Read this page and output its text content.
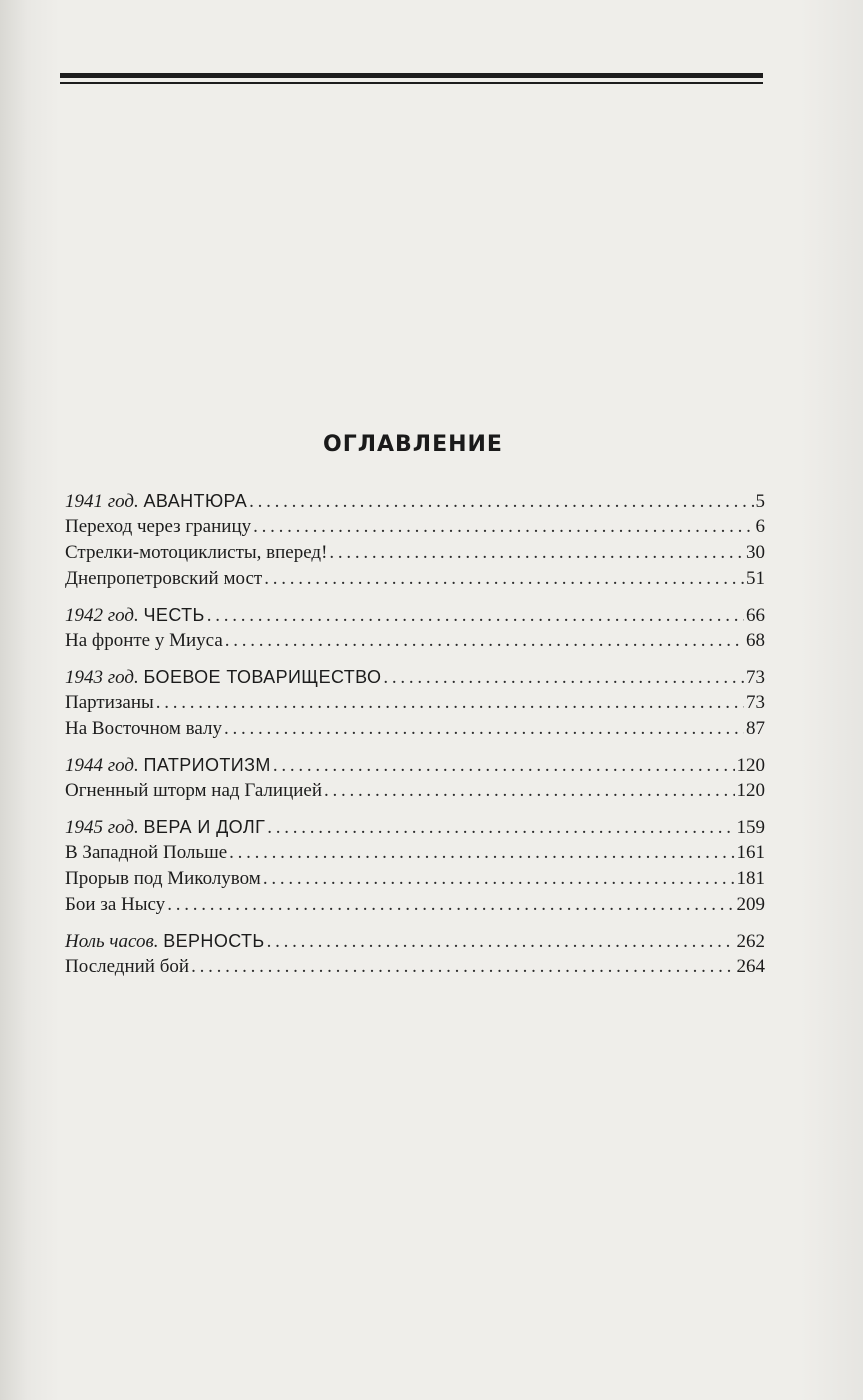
ОГЛАВЛЕНИЕ
1941 год. АВАНТЮРА . . .	5
Переход через границу . . .	6
Стрелки-мотоциклисты, вперед! . . .	30
Днепропетровский мост . . .	51
1942 год. ЧЕСТЬ . . .	66
На фронте у Миуса . . .	68
1943 год. БОЕВОЕ ТОВАРИЩЕСТВО . . .	73
Партизаны . . .	73
На Восточном валу . . .	87
1944 год. ПАТРИОТИЗМ . . .	120
Огненный шторм над Галицией . . .	120
1945 год. ВЕРА И ДОЛГ . . .	159
В Западной Польше . . .	161
Прорыв под Миколувом . . .	181
Бои за Нысу . . .	209
Ноль часов. ВЕРНОСТЬ . . .	262
Последний бой . . .	264
